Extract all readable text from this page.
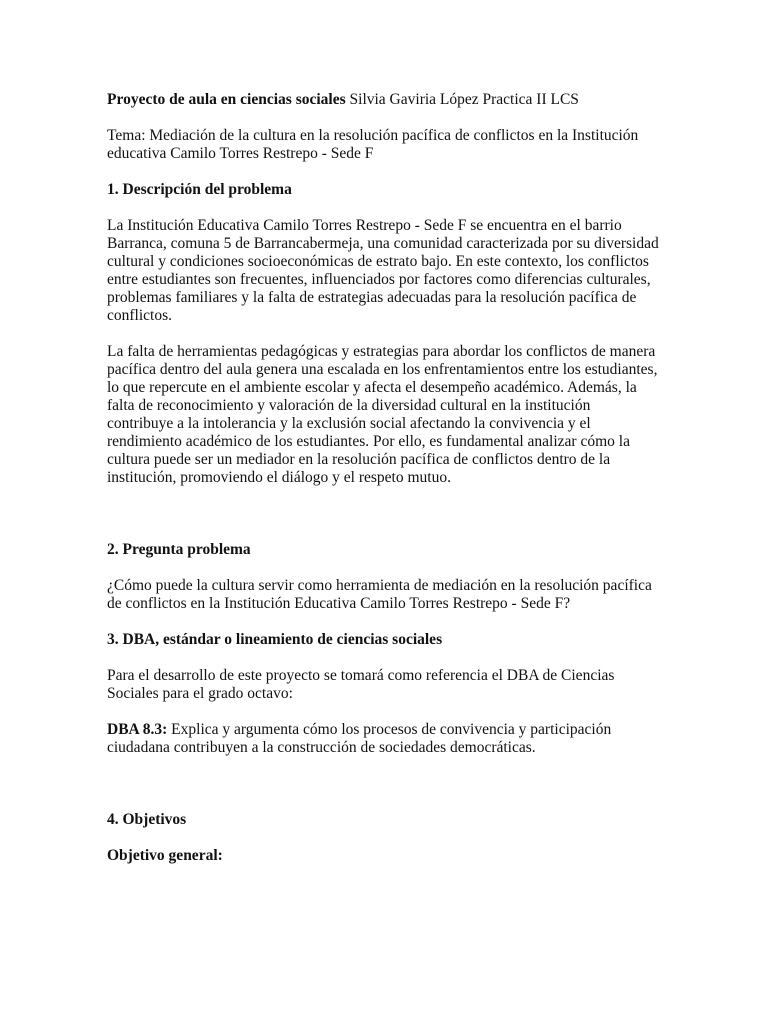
Proyecto de aula en ciencias sociales Silvia Gaviria López Practica II LCS

Tema: Mediación de la cultura en la resolución pacífica de conflictos en la Institución educativa Camilo Torres Restrepo - Sede F

1. Descripción del problema

La Institución Educativa Camilo Torres Restrepo - Sede F se encuentra en el barrio Barranca, comuna 5 de Barrancabermeja, una comunidad caracterizada por su diversidad cultural y condiciones socioeconómicas de estrato bajo. En este contexto, los conflictos entre estudiantes son frecuentes, influenciados por factores como diferencias culturales, problemas familiares y la falta de estrategias adecuadas para la resolución pacífica de conflictos.

La falta de herramientas pedagógicas y estrategias para abordar los conflictos de manera pacífica dentro del aula genera una escalada en los enfrentamientos entre los estudiantes, lo que repercute en el ambiente escolar y afecta el desempeño académico. Además, la falta de reconocimiento y valoración de la diversidad cultural en la institución contribuye a la intolerancia y la exclusión social afectando la convivencia y el rendimiento académico de los estudiantes. Por ello, es fundamental analizar cómo la cultura puede ser un mediador en la resolución pacífica de conflictos dentro de la institución, promoviendo el diálogo y el respeto mutuo.

2. Pregunta problema

¿Cómo puede la cultura servir como herramienta de mediación en la resolución pacífica de conflictos en la Institución Educativa Camilo Torres Restrepo - Sede F?

3. DBA, estándar o lineamiento de ciencias sociales

Para el desarrollo de este proyecto se tomará como referencia el DBA de Ciencias Sociales para el grado octavo:

DBA 8.3: Explica y argumenta cómo los procesos de convivencia y participación ciudadana contribuyen a la construcción de sociedades democráticas.

4. Objetivos

Objetivo general:
